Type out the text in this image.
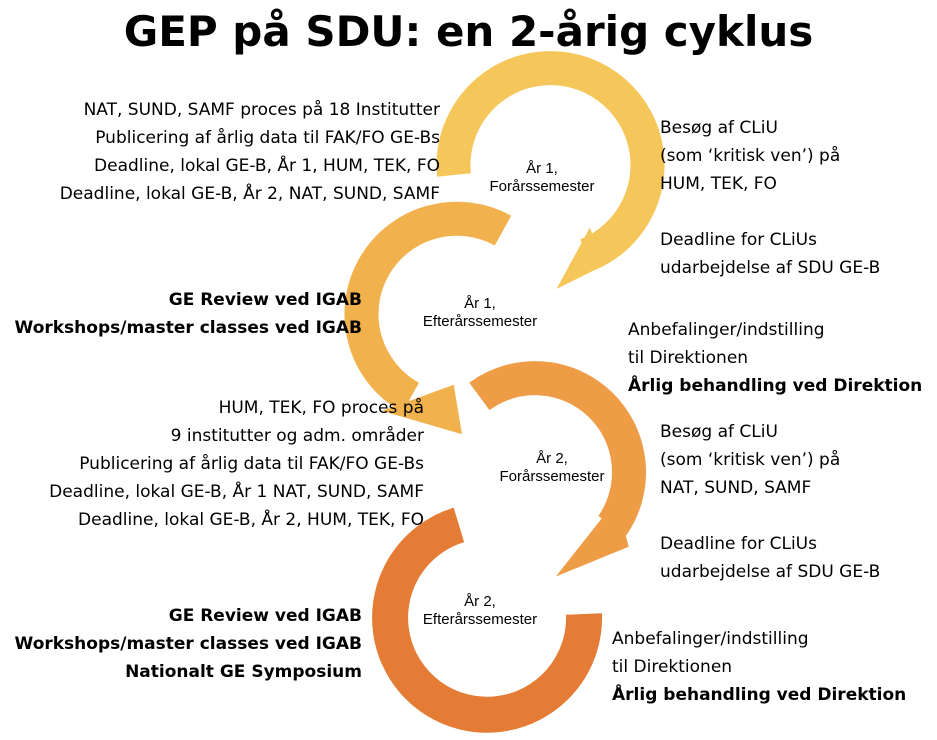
GEP på SDU: en 2-årig cyklus
År 1,
Forårssemester
År 1,
Efterårssemester
År 2,
Forårssemester
År 2,
Efterårssemester
NAT, SUND, SAMF proces på 18 Institutter
Publicering af årlig data til FAK/FO GE-Bs
Deadline, lokal GE-B, År 1, HUM, TEK, FO
Deadline, lokal GE-B, År 2, NAT, SUND, SAMF
GE Review ved IGAB
Workshops/master classes ved IGAB
HUM, TEK, FO proces på
9 institutter og adm. områder
Publicering af årlig data til FAK/FO GE-Bs
Deadline, lokal GE-B, År 1 NAT, SUND, SAMF
Deadline, lokal GE-B, År 2, HUM, TEK, FO
GE Review ved IGAB
Workshops/master classes ved IGAB
Nationalt GE Symposium
Besøg af CLiU
(som ‘kritisk ven’) på
HUM, TEK, FO
Deadline for CLiUs
udarbejdelse af SDU GE-B
Anbefalinger/indstilling
til Direktionen
Årlig behandling ved Direktion
Besøg af CLiU
(som ‘kritisk ven’) på
NAT, SUND, SAMF
Deadline for CLiUs
udarbejdelse af SDU GE-B
Anbefalinger/indstilling
til Direktionen
Årlig behandling ved Direktion
